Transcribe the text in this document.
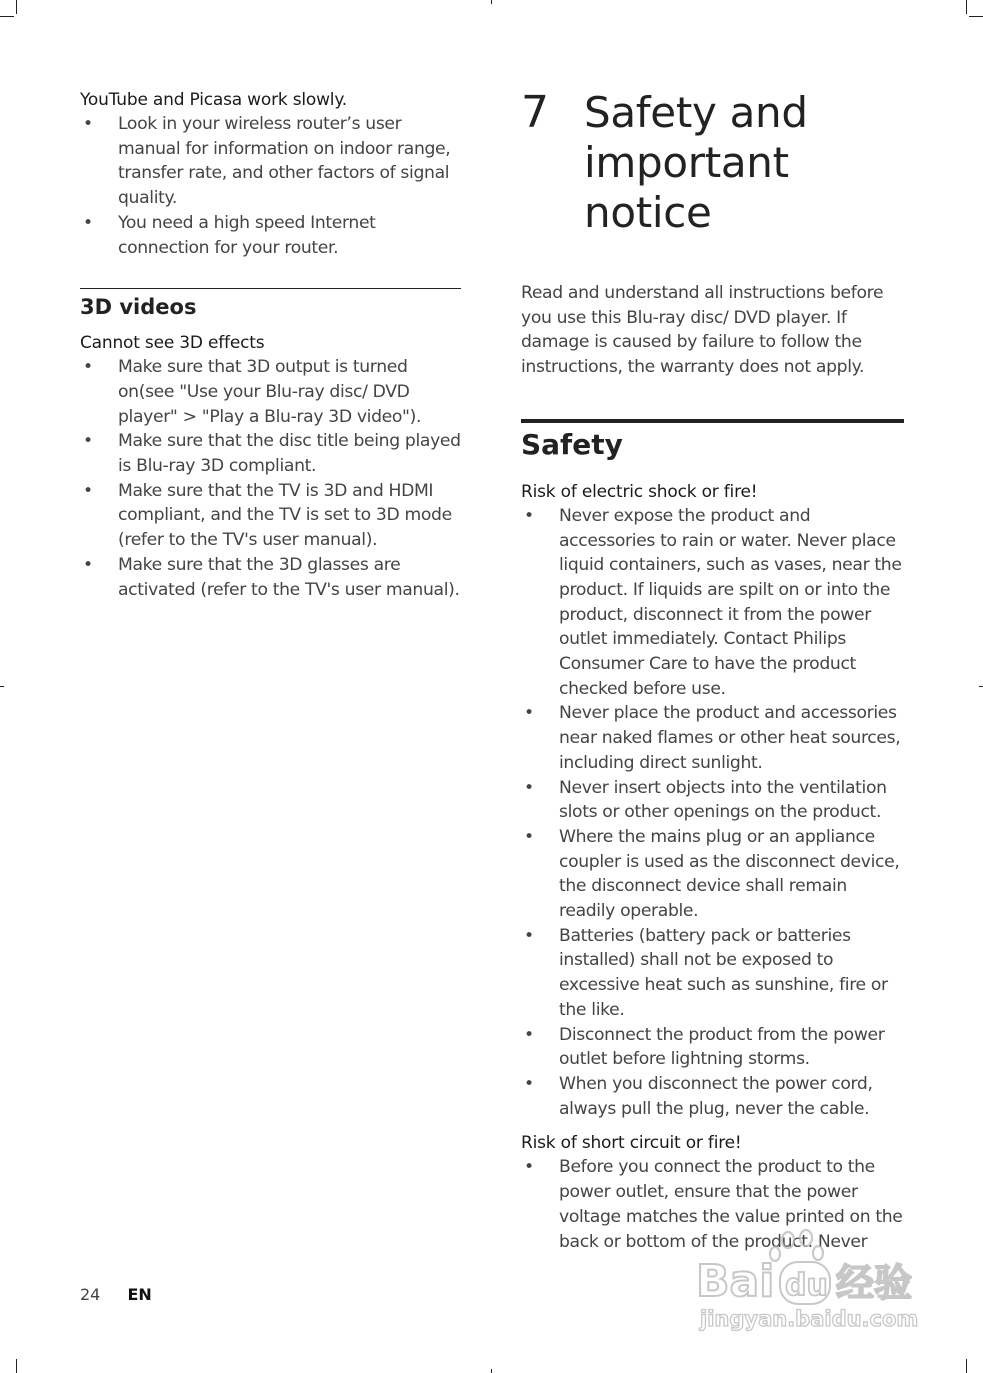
YouTube and Picasa work slowly.

• Look in your wireless router’s user manual for information on indoor range, transfer rate, and other factors of signal quality.
• You need a high speed Internet connection for your router.
3D videos

Cannot see 3D effects

• Make sure that 3D output is turned on(see "Use your Blu-ray disc/ DVD player" > "Play a Blu-ray 3D video").
• Make sure that the disc title being played is Blu-ray 3D compliant.
• Make sure that the TV is 3D and HDMI compliant, and the TV is set to 3D mode (refer to the TV's user manual).
• Make sure that the 3D glasses are activated (refer to the TV's user manual).
7 Safety and important notice

Read and understand all instructions before you use this Blu-ray disc/ DVD player. If damage is caused by failure to follow the instructions, the warranty does not apply.

Safety

Risk of electric shock or fire!

• Never expose the product and accessories to rain or water. Never place liquid containers, such as vases, near the product. If liquids are spilt on or into the product, disconnect it from the power outlet immediately. Contact Philips Consumer Care to have the product checked before use.
• Never place the product and accessories near naked flames or other heat sources, including direct sunlight.
• Never insert objects into the ventilation slots or other openings on the product.
• Where the mains plug or an appliance coupler is used as the disconnect device, the disconnect device shall remain readily operable.
• Batteries (battery pack or batteries installed) shall not be exposed to excessive heat such as sunshine, fire or the like.
• Disconnect the product from the power outlet before lightning storms.
• When you disconnect the power cord, always pull the plug, never the cable.

Risk of short circuit or fire!

• Before you connect the product to the power outlet, ensure that the power voltage matches the value printed on the back or bottom of the product. Never
24 EN	Bai du 经验
jingyan.baidu.com
